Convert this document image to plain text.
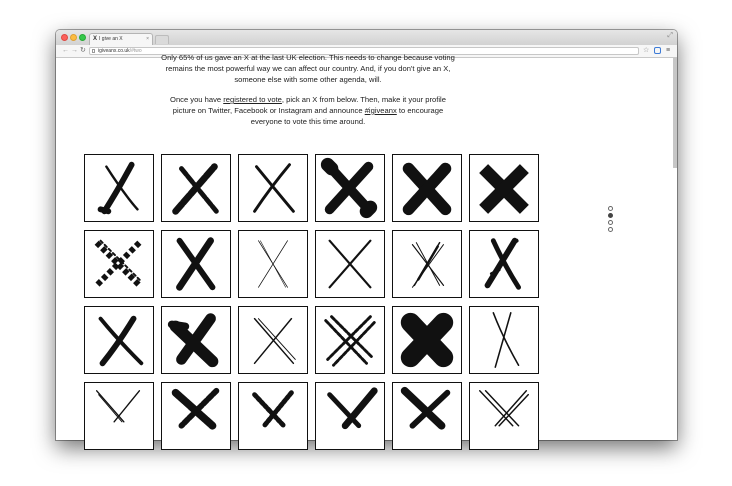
X I give an X	×	⤢
← → ↻	igiveanx.co.uk/#two	☆ ≡

Only 65% of us gave an X at the last UK election. This needs to change because voting remains the most powerful way we can affect our country. And, if you don't give an X, someone else with some other agenda, will.

Once you have registered to vote, pick an X from below. Then, make it your profile picture on Twitter, Facebook or Instagram and announce #igiveanx to encourage everyone to vote this time around.
